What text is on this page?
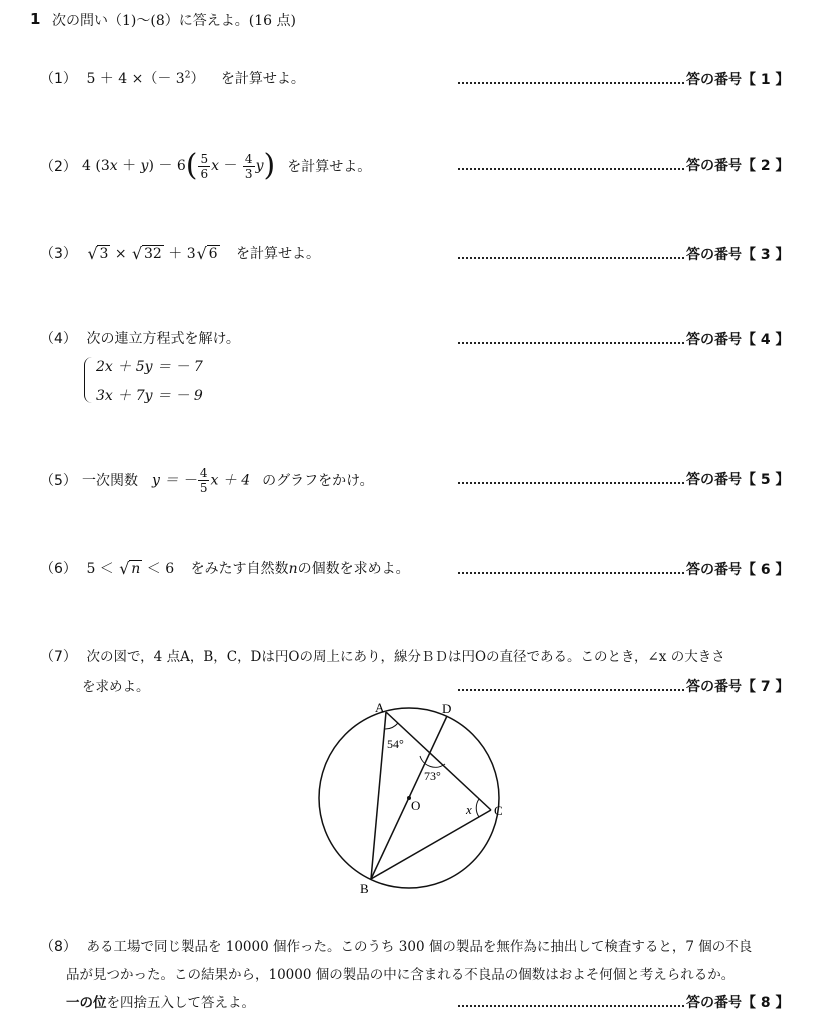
1 次の問い（1)～(8）に答えよ。(16 点)
（1） 5 ＋ 4 ×（－ $3^2$） を計算せよ。	答の番号【 1 】
（2） 4 $(3x + y) - 6( \frac{5}{6}$ $x - \frac{4}{3} y$) を計算せよ。	答の番号【 2 】
（3） √ 3 × √ 32 ＋ 3 √ 6 を計算せよ。	答の番号【 3 】
（4） 次の連立方程式を解け。	答の番号【 4 】
2x ＋ 5y ＝ － 7
3x ＋ 7y ＝ － 9
（5） 一次関数 y ＝ － $\frac{4}{5}$ x ＋ 4 のグラフをかけ。	答の番号【 5 】
（6） 5 ＜ √ n ＜ 6 をみたす自然数nの個数を求めよ。	答の番号【 6 】
（7） 次の図で，4 点A，B，C，Dは円Oの周上にあり，線分ＢＤは円Oの直径である。このとき，∠x の大きさ
を求めよ。	答の番号【 7 】
A
B
C
D
O
54°
73°
x
（8） ある工場で同じ製品を 10000 個作った。このうち 300 個の製品を無作為に抽出して検査すると，7 個の不良
品が見つかった。この結果から，10000 個の製品の中に含まれる不良品の個数はおよそ何個と考えられるか。
一の位を四捨五入して答えよ。	答の番号【 8 】
